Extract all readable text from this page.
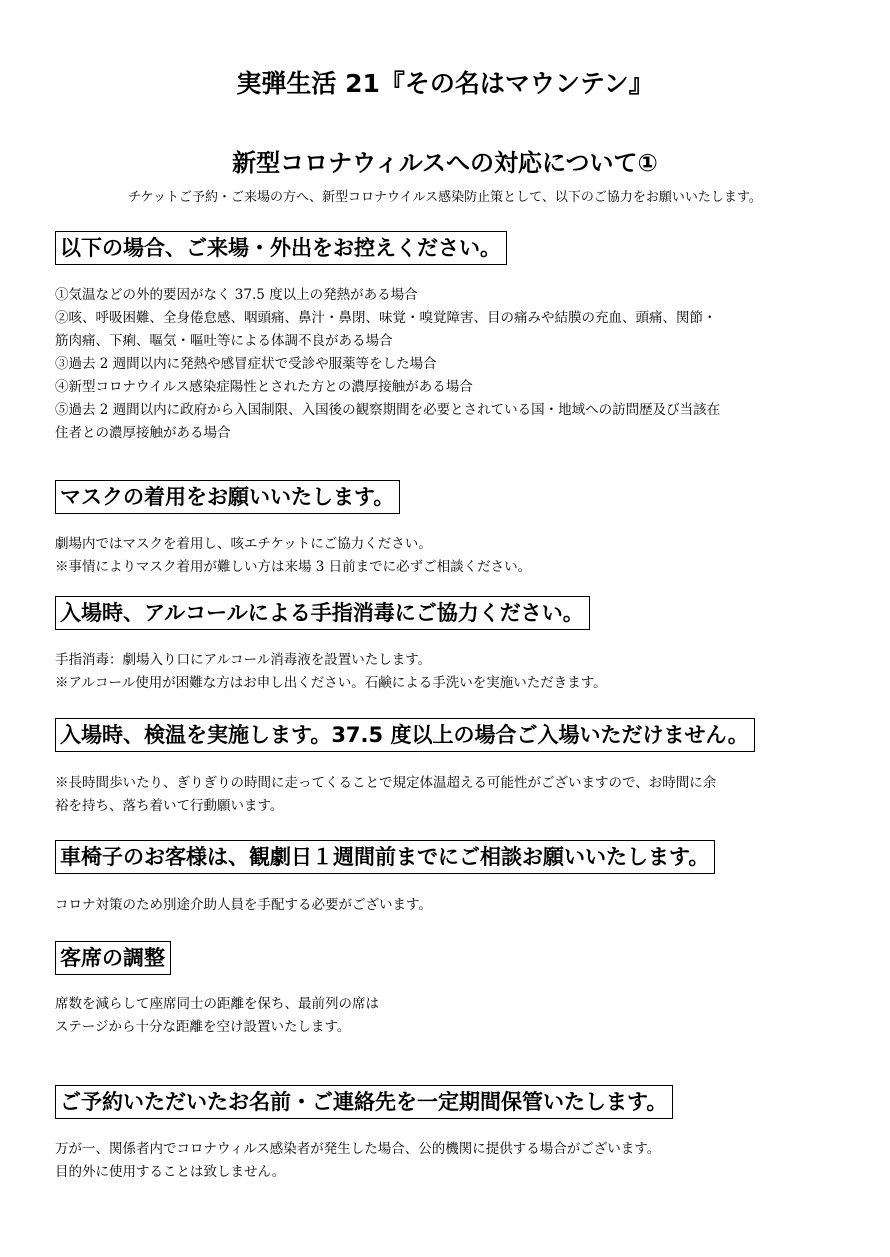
実弾生活 21『その名はマウンテン』
新型コロナウィルスへの対応について①
チケットご予約・ご来場の方へ、新型コロナウイルス感染防止策として、以下のご協力をお願いいたします。
以下の場合、ご来場・外出をお控えください。

①気温などの外的要因がなく 37.5 度以上の発熱がある場合

②咳、呼吸困難、全身倦怠感、咽頭痛、鼻汁・鼻閉、味覚・嗅覚障害、目の痛みや結膜の充血、頭痛、関節・

筋肉痛、下痢、嘔気・嘔吐等による体調不良がある場合

③過去 2 週間以内に発熱や感冒症状で受診や服薬等をした場合

④新型コロナウイルス感染症陽性とされた方との濃厚接触がある場合

⑤過去 2 週間以内に政府から入国制限、入国後の観察期間を必要とされている国・地域への訪問歴及び当該在

住者との濃厚接触がある場合

マスクの着用をお願いいたします。

劇場内ではマスクを着用し、咳エチケットにご協力ください。

※事情によりマスク着用が難しい方は来場 3 日前までに必ずご相談ください。

入場時、アルコールによる手指消毒にご協力ください。

手指消毒：劇場入り口にアルコール消毒液を設置いたします。

※アルコール使用が困難な方はお申し出ください。石鹸による手洗いを実施いただきます。

入場時、検温を実施します。37.5 度以上の場合ご入場いただけません。

※長時間歩いたり、ぎりぎりの時間に走ってくることで規定体温超える可能性がございますので、お時間に余

裕を持ち、落ち着いて行動願います。

車椅子のお客様は、観劇日１週間前までにご相談お願いいたします。

コロナ対策のため別途介助人員を手配する必要がございます。

客席の調整

席数を減らして座席同士の距離を保ち、最前列の席は

ステージから十分な距離を空け設置いたします。

ご予約いただいたお名前・ご連絡先を一定期間保管いたします。

万が一、関係者内でコロナウィルス感染者が発生した場合、公的機関に提供する場合がございます。

目的外に使用することは致しません。
